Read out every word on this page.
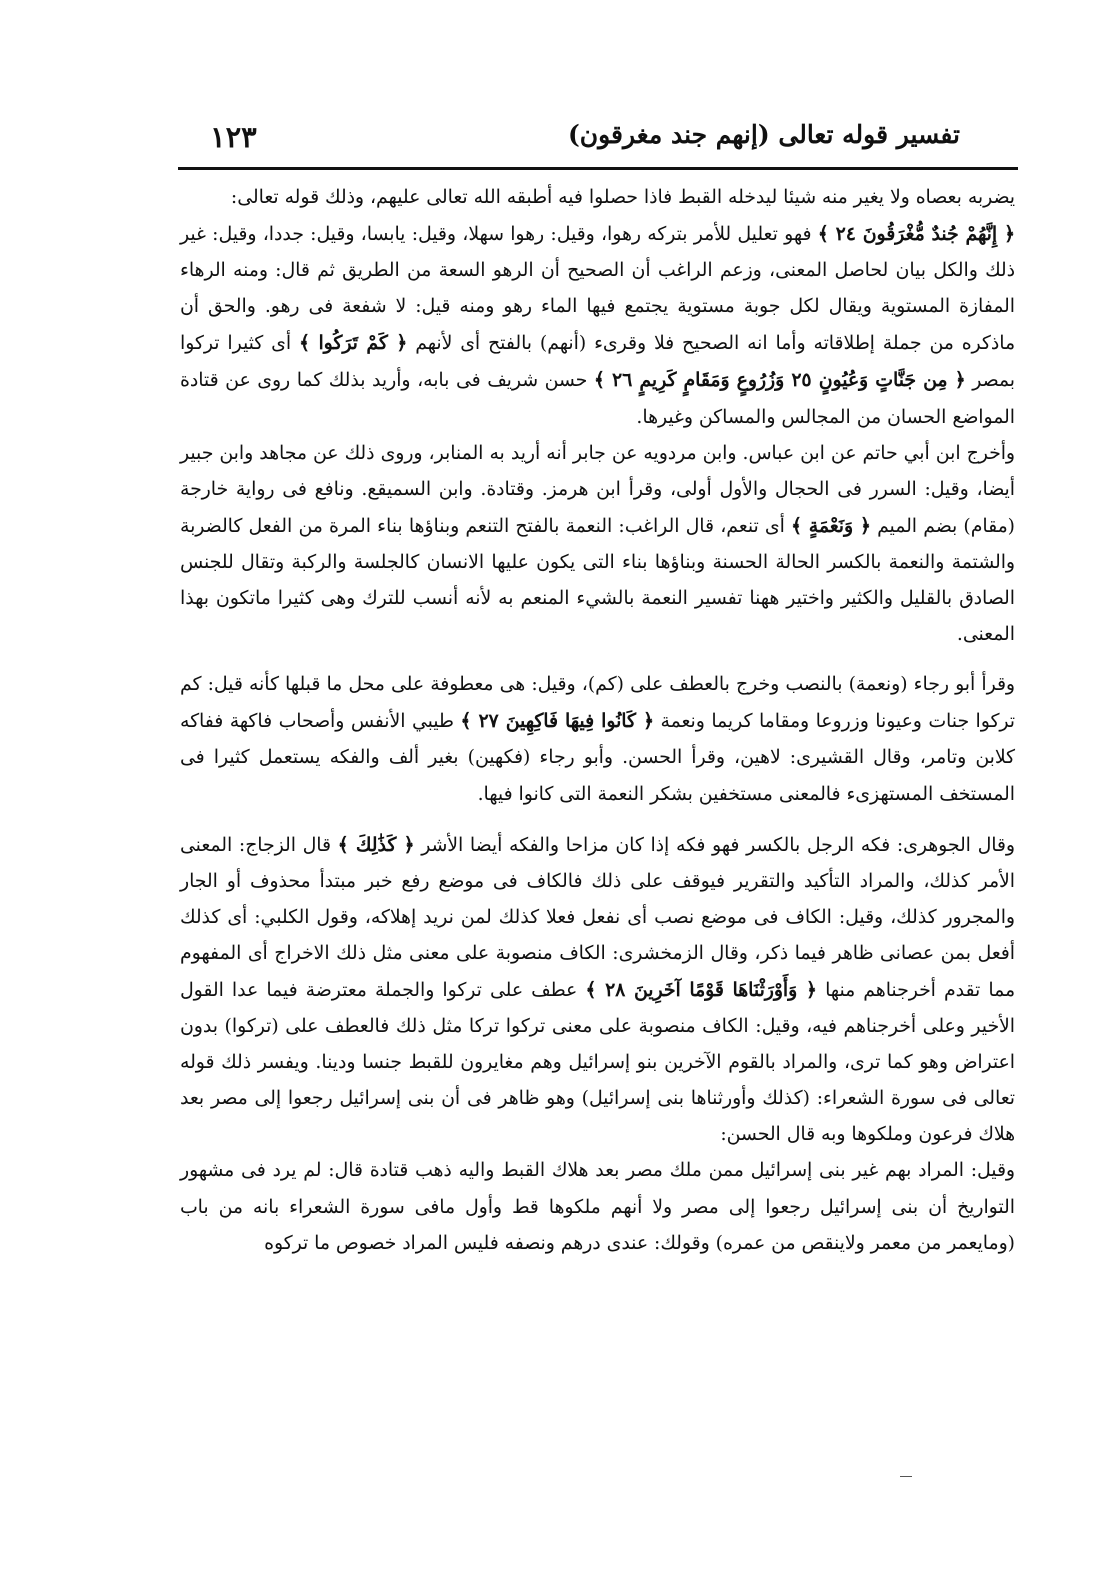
تفسير قوله تعالى (إنهم جند مغرقون)
١٢٣

يضربه بعصاه ولا يغير منه شيئا ليدخله القبط فاذا حصلوا فيه أطبقه الله تعالى عليهم، وذلك قوله تعالى:
﴿ إِنَّهُمْ جُندٌ مُّغْرَقُونَ ٢٤ ﴾ فهو تعليل للأمر بتركه رهوا، وقيل: رهوا سهلا، وقيل: يابسا، وقيل: جددا، وقيل: غير ذلك والكل بيان لحاصل المعنى، وزعم الراغب أن الصحيح أن الرهو السعة من الطريق ثم قال: ومنه الرهاء المفازة المستوية ويقال لكل جوبة مستوية يجتمع فيها الماء رهو ومنه قيل: لا شفعة فى رهو. والحق أن ماذكره من جملة إطلاقاته وأما انه الصحيح فلا وقرىء (أنهم) بالفتح أى لأنهم ﴿ كَمْ تَرَكُوا ﴾ أى كثيرا تركوا بمصر ﴿ مِن جَنَّاتٍ وَعُيُونٍ ٢٥ وَزُرُوعٍ وَمَقَامٍ كَرِيمٍ ٢٦ ﴾ حسن شريف فى بابه، وأريد بذلك كما روى عن قتادة المواضع الحسان من المجالس والمساكن وغيرها.

وأخرج ابن أبي حاتم عن ابن عباس. وابن مردويه عن جابر أنه أريد به المنابر، وروى ذلك عن مجاهد وابن جبير أيضا، وقيل: السرر فى الحجال والأول أولى، وقرأ ابن هرمز. وقتادة. وابن السميقع. ونافع فى رواية خارجة (مقام) بضم الميم ﴿ وَنَعْمَةٍ ﴾ أى تنعم، قال الراغب: النعمة بالفتح التنعم وبناؤها بناء المرة من الفعل كالضربة والشتمة والنعمة بالكسر الحالة الحسنة وبناؤها بناء التى يكون عليها الانسان كالجلسة والركبة وتقال للجنس الصادق بالقليل والكثير واختير ههنا تفسير النعمة بالشيء المنعم به لأنه أنسب للترك وهى كثيرا ماتكون بهذا المعنى.

وقرأ أبو رجاء (ونعمة) بالنصب وخرج بالعطف على (كم)، وقيل: هى معطوفة على محل ما قبلها كأنه قيل: كم تركوا جنات وعيونا وزروعا ومقاما كريما ونعمة ﴿ كَانُوا فِيهَا فَاكِهِينَ ٢٧ ﴾ طيبي الأنفس وأصحاب فاكهة ففاكه كلابن وتامر، وقال القشيرى: لاهين، وقرأ الحسن. وأبو رجاء (فكهين) بغير ألف والفكه يستعمل كثيرا فى المستخف المستهزىء فالمعنى مستخفين بشكر النعمة التى كانوا فيها.

وقال الجوهرى: فكه الرجل بالكسر فهو فكه إذا كان مزاحا والفكه أيضا الأشر ﴿ كَذَٰلِكَ ﴾ قال الزجاج: المعنى الأمر كذلك، والمراد التأكيد والتقرير فيوقف على ذلك فالكاف فى موضع رفع خبر مبتدأ محذوف أو الجار والمجرور كذلك، وقيل: الكاف فى موضع نصب أى نفعل فعلا كذلك لمن نريد إهلاكه، وقول الكلبي: أى كذلك أفعل بمن عصانى ظاهر فيما ذكر، وقال الزمخشرى: الكاف منصوبة على معنى مثل ذلك الاخراج أى المفهوم مما تقدم أخرجناهم منها ﴿ وَأَوْرَثْنَاهَا قَوْمًا آخَرِينَ ٢٨ ﴾ عطف على تركوا والجملة معترضة فيما عدا القول الأخير وعلى أخرجناهم فيه، وقيل: الكاف منصوبة على معنى تركوا تركا مثل ذلك فالعطف على (تركوا) بدون اعتراض وهو كما ترى، والمراد بالقوم الآخرين بنو إسرائيل وهم مغايرون للقبط جنسا ودينا. ويفسر ذلك قوله تعالى فى سورة الشعراء: (كذلك وأورثناها بنى إسرائيل) وهو ظاهر فى أن بنى إسرائيل رجعوا إلى مصر بعد هلاك فرعون وملكوها وبه قال الحسن:

وقيل: المراد بهم غير بنى إسرائيل ممن ملك مصر بعد هلاك القبط واليه ذهب قتادة قال: لم يرد فى مشهور التواريخ أن بنى إسرائيل رجعوا إلى مصر ولا أنهم ملكوها قط وأول مافى سورة الشعراء بانه من باب (ومايعمر من معمر ولاينقص من عمره) وقولك: عندى درهم ونصفه فليس المراد خصوص ما تركوه
